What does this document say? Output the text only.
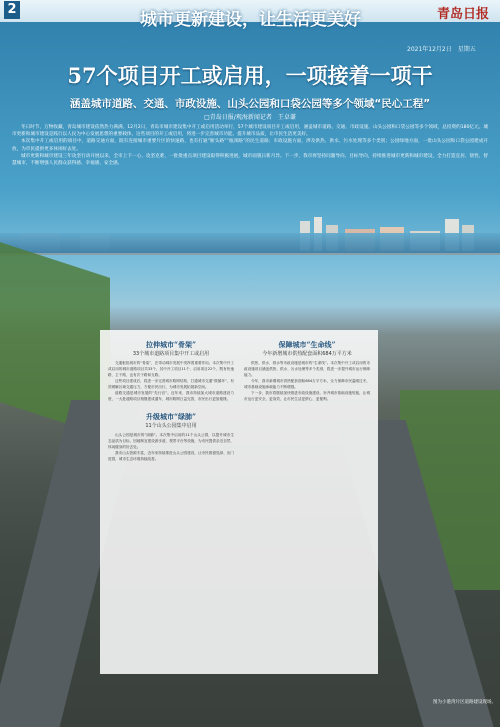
2
城市更新建设，让生活更美好	青岛日报
2021年12月2日　星期五
57个项目开工或启用，一项接着一项干
涵盖城市道路、交通、市政设施、山头公园和口袋公园等多个领域“民心工程”
□青岛日报/观海新闻记者　王卓谦

冬日时节，万物收藏，青岛城市建设依然热力满满。12月2日，青岛市城市建设集中开工或启用活动举行，57个城市建设项目开工或启用，涵盖城市道路、交通、市政设施、山头公园和口袋公园等多个领域，总投资约180亿元。城市更新和城市建设是践行以人民为中心发展思想的重要载体，这些项目的开工或启用，将进一步完善城市功能、提升城市品质，让市民生活更美好。

本次集中开工或启用的项目中，道路交通方面，既有连接城市重要片区的快速路，也有打通“断头路”“瓶颈路”的民生道路；市政设施方面，涉及供热、供水、污水处理等多个类别；公园绿地方面，一批山头公园和口袋公园建成开放，为市民提供更多休闲好去处。

城市更新和城市建设三年攻坚行动开展以来，全市上下一心、攻坚克难，一批批重点项目建设取得积极进展，城市面貌日新月异。下一步，我市将坚持问题导向、目标导向，持续推进城市更新和城市建设，全力打造宜居、韧性、智慧城市，不断增强人民群众获得感、幸福感、安全感。

拉伸城市“骨架”
33个城市道路项目集中开工或启用

交通枢纽城市的“骨架”，在带动城市发展中发挥着重要作用。本次集中开工或启用的城市道路项目共33个，其中开工项目11个、启用项目22个，既有快速路、主干路，也有次干路和支路。

这些项目建成后，将进一步完善城市路网结构，打通城市交通“微循环”，有效缓解区域交通压力，方便市民出行，为城市发展拓展新空间。

道路交通是城市发展的“先行官”。近年来，我市持续加大城市道路建设力度，一大批道路项目相继建成通车，城市路网日益完善，市民出行更加便捷。

升级城市“绿肺”
11个山头公园集中启用

山头公园是城市的“绿肺”。本次集中启用的11个山头公园，以提升城市生态品质为目标，因地制宜建设游步道、观景平台等设施，为市民提供亲近自然、休闲健身的好去处。

我市山头资源丰富，近年来持续推进山头公园建设，让市民推窗见绿、出门进园，城市生态环境持续改善。

保障城市“生命线”
今年新增城市供热配套面积684万平方米

供热、供水、排水等市政设施是城市的“生命线”。本次集中开工或启用的市政设施项目涵盖供热、供水、污水处理等多个类别，将进一步提升城市运行保障能力。

今年，我市新增城市供热配套面积684万平方米，全力保障市民温暖过冬，城市基础设施承载能力不断增强。

下一步，我市将继续加快推进市政设施建设，补齐城市基础设施短板，让城市运行更安全、更高效，让市民生活更舒心、更便利。

图为小港湾片区道路建设现场。
